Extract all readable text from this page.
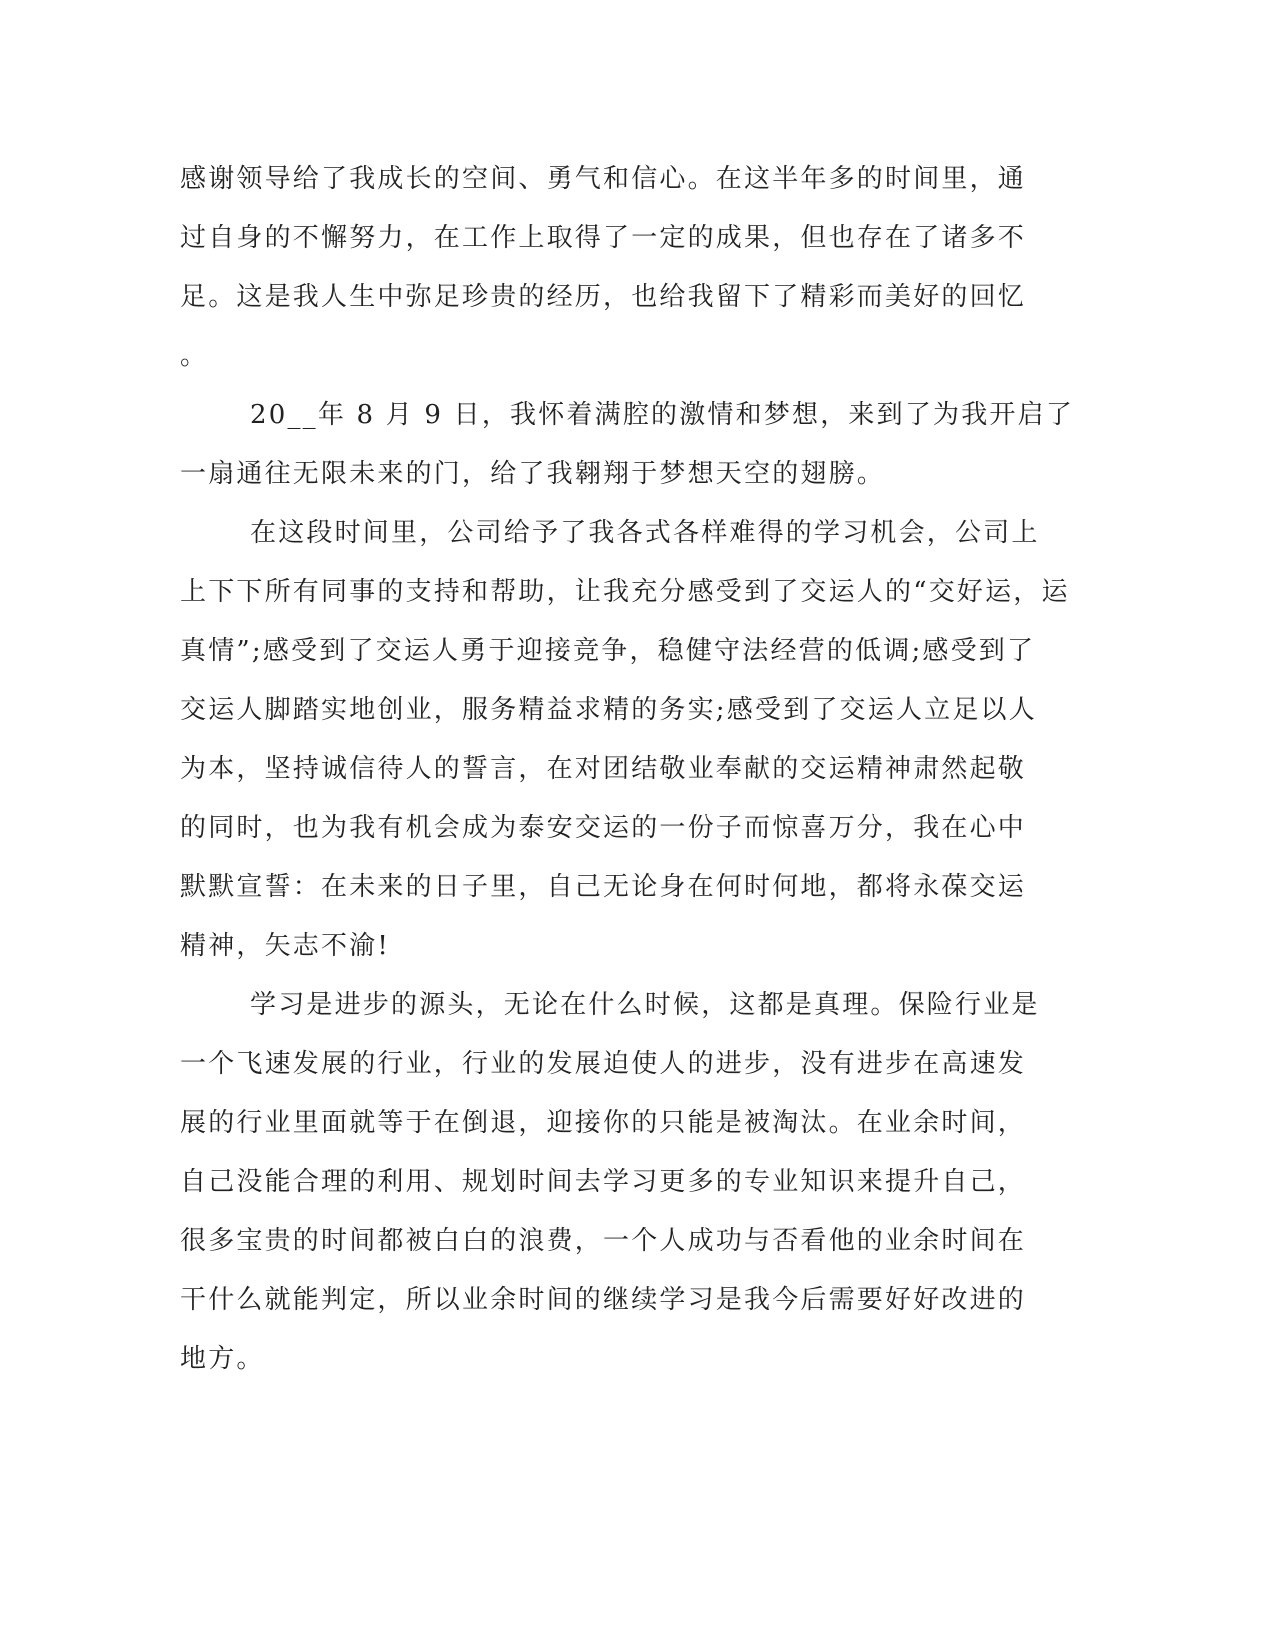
感谢领导给了我成长的空间、勇气和信心。在这半年多的时间里，通
过自身的不懈努力，在工作上取得了一定的成果，但也存在了诸多不
足。这是我人生中弥足珍贵的经历，也给我留下了精彩而美好的回忆
。
20__年 8 月 9 日，我怀着满腔的激情和梦想，来到了为我开启了
一扇通往无限未来的门，给了我翱翔于梦想天空的翅膀。
在这段时间里，公司给予了我各式各样难得的学习机会，公司上
上下下所有同事的支持和帮助，让我充分感受到了交运人的“交好运，运
真情”;感受到了交运人勇于迎接竞争，稳健守法经营的低调;感受到了
交运人脚踏实地创业，服务精益求精的务实;感受到了交运人立足以人
为本，坚持诚信待人的誓言，在对团结敬业奉献的交运精神肃然起敬
的同时，也为我有机会成为泰安交运的一份子而惊喜万分，我在心中
默默宣誓：在未来的日子里，自己无论身在何时何地，都将永葆交运
精神，矢志不渝!
学习是进步的源头，无论在什么时候，这都是真理。保险行业是
一个飞速发展的行业，行业的发展迫使人的进步，没有进步在高速发
展的行业里面就等于在倒退，迎接你的只能是被淘汰。在业余时间，
自己没能合理的利用、规划时间去学习更多的专业知识来提升自己，
很多宝贵的时间都被白白的浪费，一个人成功与否看他的业余时间在
干什么就能判定，所以业余时间的继续学习是我今后需要好好改进的
地方。
